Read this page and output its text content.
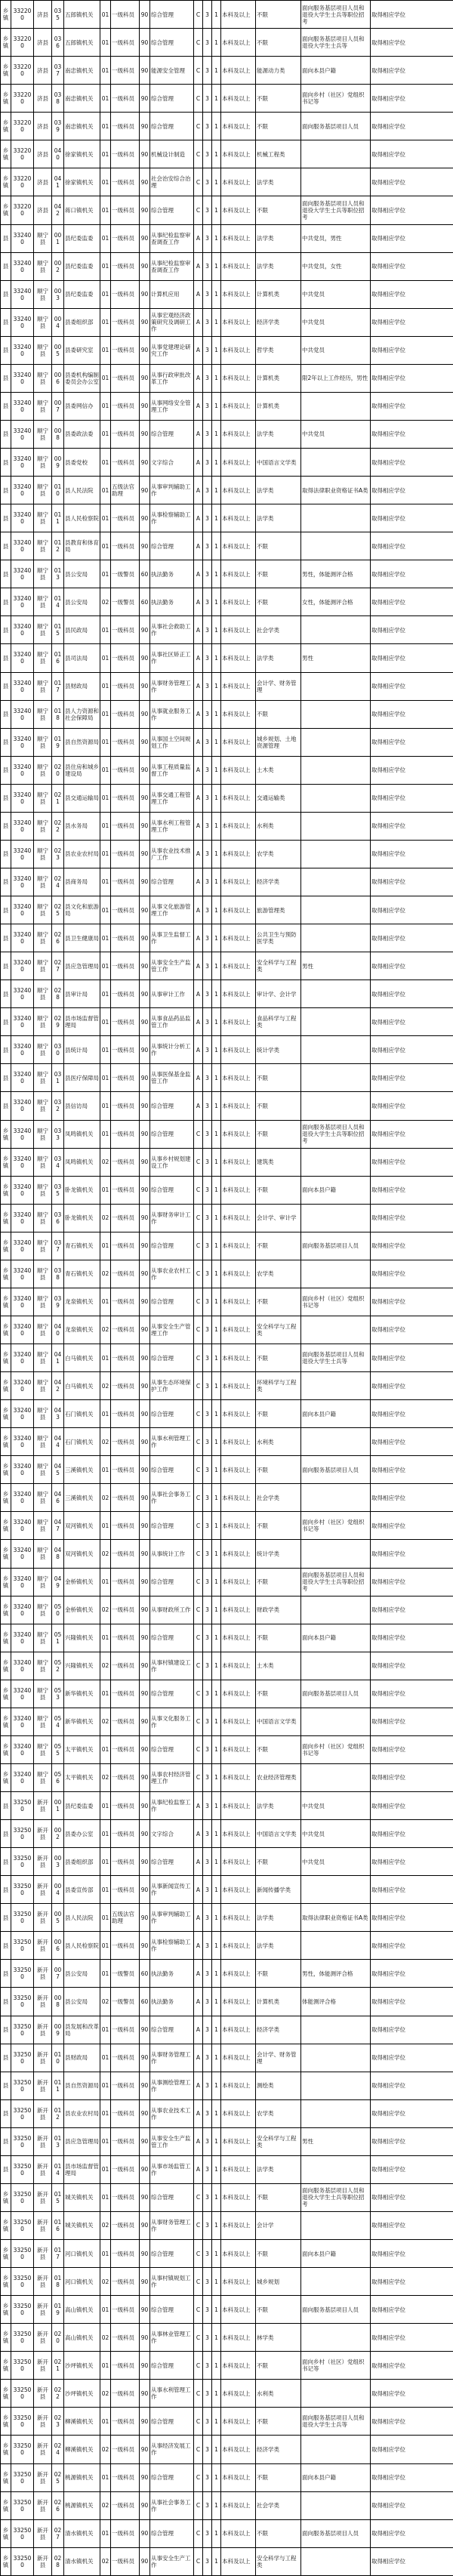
乡镇	332200	济县	035	五郎镇机关	01	一级科员	90	综合管理	C	3	1	本科及以上	不限	面向服务基层项目人员和退役大学生士兵等职位招考	取得相应学位
乡镇	332200	济县	036	五郎镇机关	01	一级科员	90	综合管理	C	3	1	本科及以上	不限	面向服务基层项目人员和退役大学生士兵等	取得相应学位
乡镇	332200	济县	037	南忠镇机关	01	一级科员	90	能源安全管理	C	3	1	本科及以上	能源动力类	面向本县户籍	取得相应学位
乡镇	332200	济县	038	南忠镇机关	01	一级科员	90	综合管理	C	3	1	本科及以上	不限	面向乡村（社区）党组织书记等	取得相应学位
乡镇	332200	济县	039	南忠镇机关	01	一级科员	90	综合管理	C	3	1	本科及以上	不限	面向服务基层项目人员	取得相应学位
乡镇	332200	济县	040	徐家镇机关	01	一级科员	90	机械设计制造	C	3	1	本科及以上	机械工程类		取得相应学位
乡镇	332200	济县	041	徐家镇机关	01	一级科员	90	社会治安综合治理	C	3	1	本科及以上	法学类		取得相应学位
乡镇	332200	济县	042	蒋口镇机关	01	一级科员	90	综合管理	C	3	1	本科及以上	不限	面向服务基层项目人员和退役大学生士兵等职位招考	取得相应学位
县	332400	顺宁县	001	县纪委监委	01	一级科员	90	从事纪检监察审查调查工作	A	3	1	本科及以上	法学类	中共党员，男性	取得相应学位
县	332400	顺宁县	002	县纪委监委	01	一级科员	90	从事纪检监察审查调查工作	A	3	1	本科及以上	法学类	中共党员，女性	取得相应学位
县	332400	顺宁县	003	县纪委监委	01	一级科员	90	计算机应用	A	3	1	本科及以上	计算机类	中共党员	取得相应学位
县	332400	顺宁县	004	县委组织部	01	一级科员	90	从事宏观经济政策研究及调研工作	A	3	1	本科及以上	经济学类	中共党员	取得相应学位
县	332400	顺宁县	005	县委研究室	01	一级科员	90	从事党建理论研究工作	A	3	1	本科及以上	哲学类	中共党员	取得相应学位
县	332400	顺宁县	006	县委机构编制委员会办公室	01	一级科员	90	从事行政审批改革工作	A	3	1	本科及以上	计算机类	限2年以上工作经历，男性	取得相应学位
县	332400	顺宁县	007	县委网信办	01	一级科员	90	从事网络安全管理工作	A	3	1	本科及以上	计算机类		取得相应学位
县	332400	顺宁县	008	县委政法委	01	一级科员	90	综合管理	A	3	1	本科及以上	法学类	中共党员	取得相应学位
县	332400	顺宁县	009	县委党校	01	一级科员	90	文字综合	A	3	1	本科及以上	中国语言文学类		取得相应学位
县	332400	顺宁县	010	县人民法院	01	五级法官助理	90	从事审判辅助工作	A	3	1	本科及以上	法学类	取得法律职业资格证书A类	取得相应学位
县	332400	顺宁县	011	县人民检察院	01	一级科员	90	从事检察辅助工作	A	3	1	本科及以上	法学类		取得相应学位
县	332400	顺宁县	012	县教育和体育局	01	一级科员	90	综合管理	A	3	1	本科及以上	不限		取得相应学位
县	332400	顺宁县	013	县公安局	01	一级警员	60	执法勤务	A	3	1	本科及以上	不限	男性，体能测评合格	取得相应学位
县	332400	顺宁县	014	县公安局	02	一级警员	60	执法勤务	A	3	1	本科及以上	不限	女性，体能测评合格	取得相应学位
县	332400	顺宁县	015	县民政局	01	一级科员	90	从事社会救助工作	A	3	1	本科及以上	社会学类		取得相应学位
县	332400	顺宁县	016	县司法局	01	一级科员	90	从事社区矫正工作	A	3	1	本科及以上	法学类	男性	取得相应学位
县	332400	顺宁县	017	县财政局	01	一级科员	90	从事财务管理工作	A	3	1	本科及以上	会计学、财务管理		取得相应学位
县	332400	顺宁县	018	县人力资源和社会保障局	01	一级科员	90	从事就业服务工作	A	3	1	本科及以上	不限		取得相应学位
县	332400	顺宁县	019	县自然资源局	01	一级科员	90	从事国土空间规划工作	A	3	1	本科及以上	城乡规划、土地资源管理		取得相应学位
县	332400	顺宁县	020	县住房和城乡建设局	01	一级科员	90	从事工程质量监督工作	A	3	1	本科及以上	土木类		取得相应学位
县	332400	顺宁县	021	县交通运输局	01	一级科员	90	从事交通工程管理工作	A	3	1	本科及以上	交通运输类		取得相应学位
县	332400	顺宁县	022	县水务局	01	一级科员	90	从事水利工程管理工作	A	3	1	本科及以上	水利类		取得相应学位
县	332400	顺宁县	023	县农业农村局	01	一级科员	90	从事农业技术推广工作	A	3	1	本科及以上	农学类		取得相应学位
县	332400	顺宁县	024	县商务局	01	一级科员	90	综合管理	A	3	1	本科及以上	经济学类		取得相应学位
县	332400	顺宁县	025	县文化和旅游局	01	一级科员	90	从事文化旅游管理工作	A	3	1	本科及以上	旅游管理类		取得相应学位
县	332400	顺宁县	026	县卫生健康局	01	一级科员	90	从事卫生监督工作	A	3	1	本科及以上	公共卫生与预防医学类		取得相应学位
县	332400	顺宁县	027	县应急管理局	01	一级科员	90	从事安全生产监管工作	A	3	1	本科及以上	安全科学与工程类	男性	取得相应学位
县	332400	顺宁县	028	县审计局	01	一级科员	90	从事审计工作	A	3	1	本科及以上	审计学、会计学		取得相应学位
县	332400	顺宁县	029	县市场监督管理局	01	一级科员	90	从事食品药品监管工作	A	3	1	本科及以上	食品科学与工程类		取得相应学位
县	332400	顺宁县	030	县统计局	01	一级科员	90	从事统计分析工作	A	3	1	本科及以上	统计学类		取得相应学位
县	332400	顺宁县	031	县医疗保障局	01	一级科员	90	从事医保基金监管工作	A	3	1	本科及以上	不限		取得相应学位
县	332400	顺宁县	032	县信访局	01	一级科员	90	综合管理	A	3	1	本科及以上	不限		取得相应学位
乡镇	332400	顺宁县	033	凤鸣镇机关	01	一级科员	90	综合管理	C	3	1	本科及以上	不限	面向服务基层项目人员和退役大学生士兵等职位招考	取得相应学位
乡镇	332400	顺宁县	034	凤鸣镇机关	02	一级科员	90	从事乡村规划建设工作	C	3	1	本科及以上	建筑类		取得相应学位
乡镇	332400	顺宁县	035	卧龙镇机关	01	一级科员	90	综合管理	C	3	1	本科及以上	不限	面向本县户籍	取得相应学位
乡镇	332400	顺宁县	036	卧龙镇机关	02	一级科员	90	从事财务审计工作	C	3	1	本科及以上	会计学、审计学		取得相应学位
乡镇	332400	顺宁县	037	青石镇机关	01	一级科员	90	综合管理	C	3	1	本科及以上	不限	面向服务基层项目人员	取得相应学位
乡镇	332400	顺宁县	038	青石镇机关	02	一级科员	90	从事农业农村工作	C	3	1	本科及以上	农学类		取得相应学位
乡镇	332400	顺宁县	039	龙泉镇机关	01	一级科员	90	综合管理	C	3	1	本科及以上	不限	面向乡村（社区）党组织书记等	取得相应学位
乡镇	332400	顺宁县	040	龙泉镇机关	02	一级科员	90	从事安全生产管理工作	C	3	1	本科及以上	安全科学与工程类		取得相应学位
乡镇	332400	顺宁县	041	白马镇机关	01	一级科员	90	综合管理	C	3	1	本科及以上	不限	面向服务基层项目人员和退役大学生士兵等	取得相应学位
乡镇	332400	顺宁县	042	白马镇机关	02	一级科员	90	从事生态环境保护工作	C	3	1	本科及以上	环境科学与工程类		取得相应学位
乡镇	332400	顺宁县	043	石门镇机关	01	一级科员	90	综合管理	C	3	1	本科及以上	不限	面向本县户籍	取得相应学位
乡镇	332400	顺宁县	044	石门镇机关	02	一级科员	90	从事水利管理工作	C	3	1	本科及以上	水利类		取得相应学位
乡镇	332400	顺宁县	045	三溪镇机关	01	一级科员	90	综合管理	C	3	1	本科及以上	不限	面向服务基层项目人员	取得相应学位
乡镇	332400	顺宁县	046	三溪镇机关	02	一级科员	90	从事社会事务工作	C	3	1	本科及以上	社会学类		取得相应学位
乡镇	332400	顺宁县	047	双河镇机关	01	一级科员	90	综合管理	C	3	1	本科及以上	不限	面向乡村（社区）党组织书记等	取得相应学位
乡镇	332400	顺宁县	048	双河镇机关	02	一级科员	90	从事统计工作	C	3	1	本科及以上	统计学类		取得相应学位
乡镇	332400	顺宁县	049	金桥镇机关	01	一级科员	90	综合管理	C	3	1	本科及以上	不限	面向服务基层项目人员和退役大学生士兵等职位招考	取得相应学位
乡镇	332400	顺宁县	050	金桥镇机关	02	一级科员	90	从事财政所工作	C	3	1	本科及以上	财政学类		取得相应学位
乡镇	332400	顺宁县	051	兴隆镇机关	01	一级科员	90	综合管理	C	3	1	本科及以上	不限	面向本县户籍	取得相应学位
乡镇	332400	顺宁县	052	兴隆镇机关	02	一级科员	90	从事村镇建设工作	C	3	1	本科及以上	土木类		取得相应学位
乡镇	332400	顺宁县	053	新华镇机关	01	一级科员	90	综合管理	C	3	1	本科及以上	不限	面向服务基层项目人员	取得相应学位
乡镇	332400	顺宁县	054	新华镇机关	02	一级科员	90	从事文化服务工作	C	3	1	本科及以上	中国语言文学类		取得相应学位
乡镇	332400	顺宁县	055	太平镇机关	01	一级科员	90	综合管理	C	3	1	本科及以上	不限	面向乡村（社区）党组织书记等	取得相应学位
乡镇	332400	顺宁县	056	太平镇机关	02	一级科员	90	从事农村经济管理工作	C	3	1	本科及以上	农业经济管理类		取得相应学位
县	332500	新开县	001	县纪委监委	01	一级科员	90	从事纪检监察工作	A	3	1	本科及以上	法学类	中共党员	取得相应学位
县	332500	新开县	002	县委办公室	01	一级科员	90	文字综合	A	3	1	本科及以上	中国语言文学类	中共党员	取得相应学位
县	332500	新开县	003	县委组织部	01	一级科员	90	综合管理	A	3	1	本科及以上	不限	中共党员	取得相应学位
县	332500	新开县	004	县委宣传部	01	一级科员	90	从事新闻宣传工作	A	3	1	本科及以上	新闻传播学类		取得相应学位
县	332500	新开县	005	县人民法院	01	五级法官助理	90	从事审判辅助工作	A	3	1	本科及以上	法学类	取得法律职业资格证书A类	取得相应学位
县	332500	新开县	006	县人民检察院	01	一级科员	90	从事检察辅助工作	A	3	1	本科及以上	法学类		取得相应学位
县	332500	新开县	007	县公安局	01	一级警员	60	执法勤务	A	3	1	本科及以上	不限	男性，体能测评合格	取得相应学位
县	332500	新开县	008	县公安局	02	一级警员	60	执法勤务	A	3	1	本科及以上	计算机类	体能测评合格	取得相应学位
县	332500	新开县	009	县发展和改革局	01	一级科员	90	综合管理	A	3	1	本科及以上	经济学类		取得相应学位
县	332500	新开县	010	县财政局	01	一级科员	90	从事财务管理工作	A	3	1	本科及以上	会计学、财务管理		取得相应学位
县	332500	新开县	011	县自然资源局	01	一级科员	90	从事测绘管理工作	A	3	1	本科及以上	测绘类		取得相应学位
县	332500	新开县	012	县农业农村局	01	一级科员	90	从事农业技术工作	A	3	1	本科及以上	农学类		取得相应学位
县	332500	新开县	013	县应急管理局	01	一级科员	90	从事安全生产监管工作	A	3	1	本科及以上	安全科学与工程类	男性	取得相应学位
县	332500	新开县	014	县市场监督管理局	01	一级科员	90	从事市场监管工作	A	3	1	本科及以上	法学类		取得相应学位
乡镇	332500	新开县	015	城关镇机关	01	一级科员	90	综合管理	C	3	1	本科及以上	不限	面向服务基层项目人员和退役大学生士兵等职位招考	取得相应学位
乡镇	332500	新开县	016	城关镇机关	02	一级科员	90	从事财务管理工作	C	3	1	本科及以上	会计学		取得相应学位
乡镇	332500	新开县	017	河口镇机关	01	一级科员	90	综合管理	C	3	1	本科及以上	不限	面向本县户籍	取得相应学位
乡镇	332500	新开县	018	河口镇机关	02	一级科员	90	从事村镇规划工作	C	3	1	本科及以上	城乡规划		取得相应学位
乡镇	332500	新开县	019	高山镇机关	01	一级科员	90	综合管理	C	3	1	本科及以上	不限	面向服务基层项目人员	取得相应学位
乡镇	332500	新开县	020	高山镇机关	02	一级科员	90	从事林业管理工作	C	3	1	本科及以上	林学类		取得相应学位
乡镇	332500	新开县	021	沙坪镇机关	01	一级科员	90	综合管理	C	3	1	本科及以上	不限	面向乡村（社区）党组织书记等	取得相应学位
乡镇	332500	新开县	022	沙坪镇机关	02	一级科员	90	从事水利管理工作	C	3	1	本科及以上	水利类		取得相应学位
乡镇	332500	新开县	023	柳溪镇机关	01	一级科员	90	综合管理	C	3	1	本科及以上	不限	面向服务基层项目人员和退役大学生士兵等	取得相应学位
乡镇	332500	新开县	024	柳溪镇机关	02	一级科员	90	从事经济发展工作	C	3	1	本科及以上	经济学类		取得相应学位
乡镇	332500	新开县	025	桃源镇机关	01	一级科员	90	综合管理	C	3	1	本科及以上	不限	面向本县户籍	取得相应学位
乡镇	332500	新开县	026	桃源镇机关	02	一级科员	90	从事社会事务工作	C	3	1	本科及以上	社会学类		取得相应学位
乡镇	332500	新开县	027	清水镇机关	01	一级科员	90	综合管理	C	3	1	本科及以上	不限	面向服务基层项目人员	取得相应学位
乡镇	332500	新开县	028	清水镇机关	02	一级科员	90	从事安全生产工作	C	3	1	本科及以上	安全科学与工程类		取得相应学位
